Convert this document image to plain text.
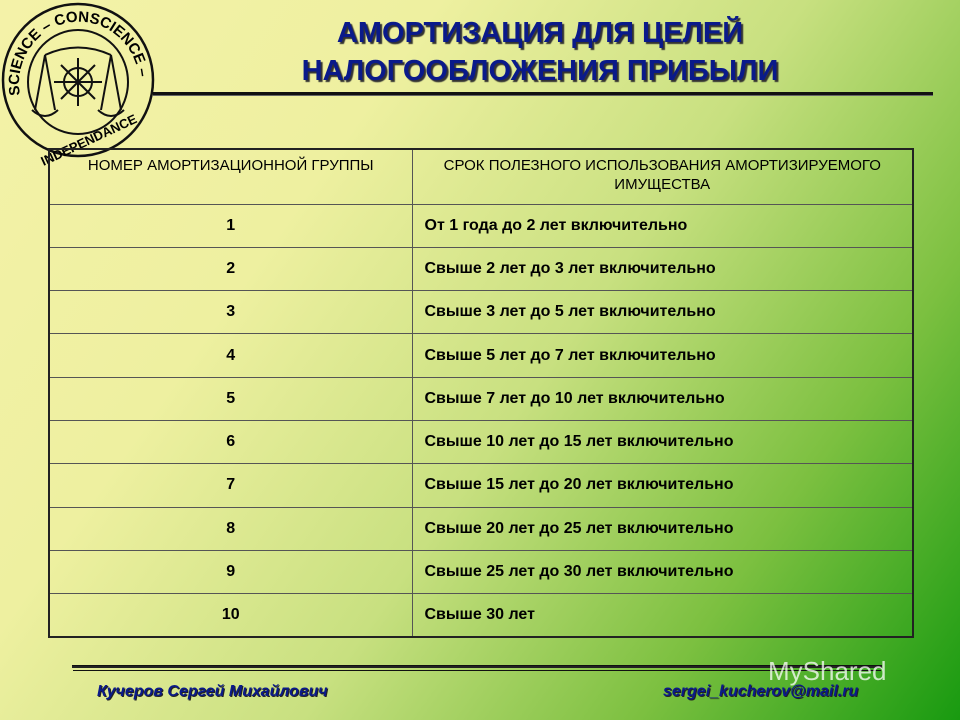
SCIENCE – CONSCIENCE –
INDEPENDANCE
АМОРТИЗАЦИЯ ДЛЯ ЦЕЛЕЙ
НАЛОГООБЛОЖЕНИЯ ПРИБЫЛИ
НОМЕР АМОРТИЗАЦИОННОЙ ГРУППЫ	СРОК ПОЛЕЗНОГО ИСПОЛЬЗОВАНИЯ АМОРТИЗИРУЕМОГО ИМУЩЕСТВА
1	От 1 года до 2 лет включительно
2	Свыше 2 лет до 3 лет включительно
3	Свыше 3 лет до 5 лет включительно
4	Свыше 5 лет до 7 лет включительно
5	Свыше 7 лет до 10 лет включительно
6	Свыше 10 лет до 15 лет включительно
7	Свыше 15 лет до 20 лет включительно
8	Свыше 20 лет до 25 лет включительно
9	Свыше 25 лет до 30 лет включительно
10	Свыше 30 лет
Кучеров Сергей Михайлович	sergei_kucherov@mail.ru
MyShared
